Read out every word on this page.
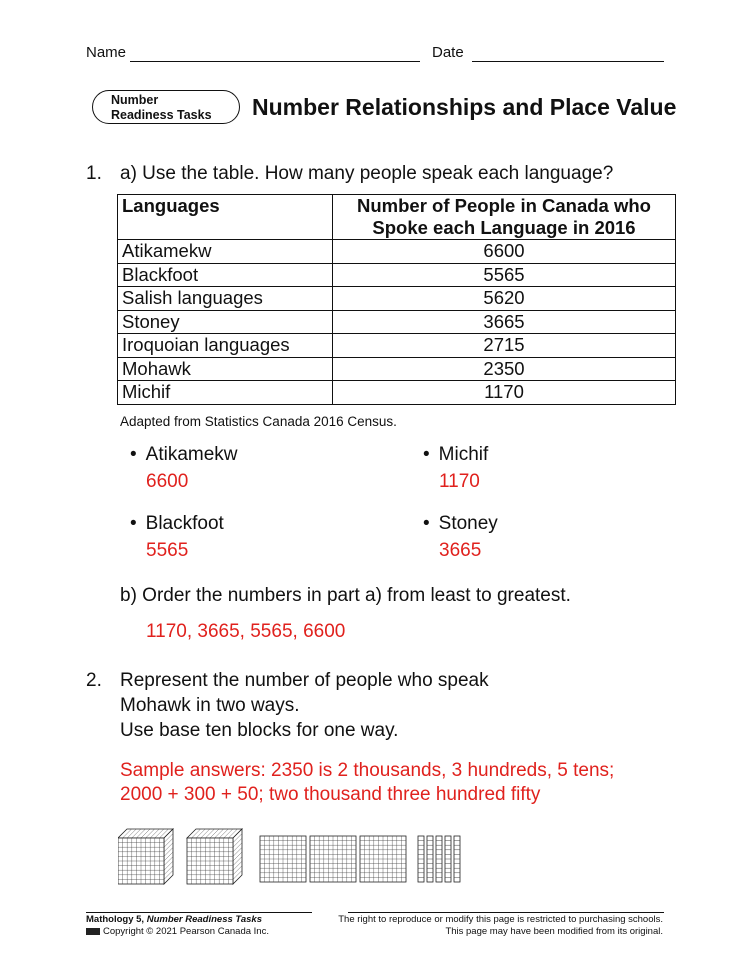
Name	Date
Number
Readiness Tasks	Number Relationships and Place Value
1. a) Use the table. How many people speak each language?
Languages	Number of People in Canada who Spoke each Language in 2016
Atikamekw	6600
Blackfoot	5565
Salish languages	5620
Stoney	3665
Iroquoian languages	2715
Mohawk	2350
Michif	1170
Adapted from Statistics Canada 2016 Census.
• Atikamekw
6600
• Michif
1170
• Blackfoot
5565
• Stoney
3665
b) Order the numbers in part a) from least to greatest.
1170, 3665, 5565, 6600
2. Represent the number of people who speak
Mohawk in two ways.
Use base ten blocks for one way.
Sample answers: 2350 is 2 thousands, 3 hundreds, 5 tens;
2000 + 300 + 50; two thousand three hundred fifty
Mathology 5, Number Readiness Tasks
Copyright © 2021 Pearson Canada Inc.
The right to reproduce or modify this page is restricted to purchasing schools.
This page may have been modified from its original.
